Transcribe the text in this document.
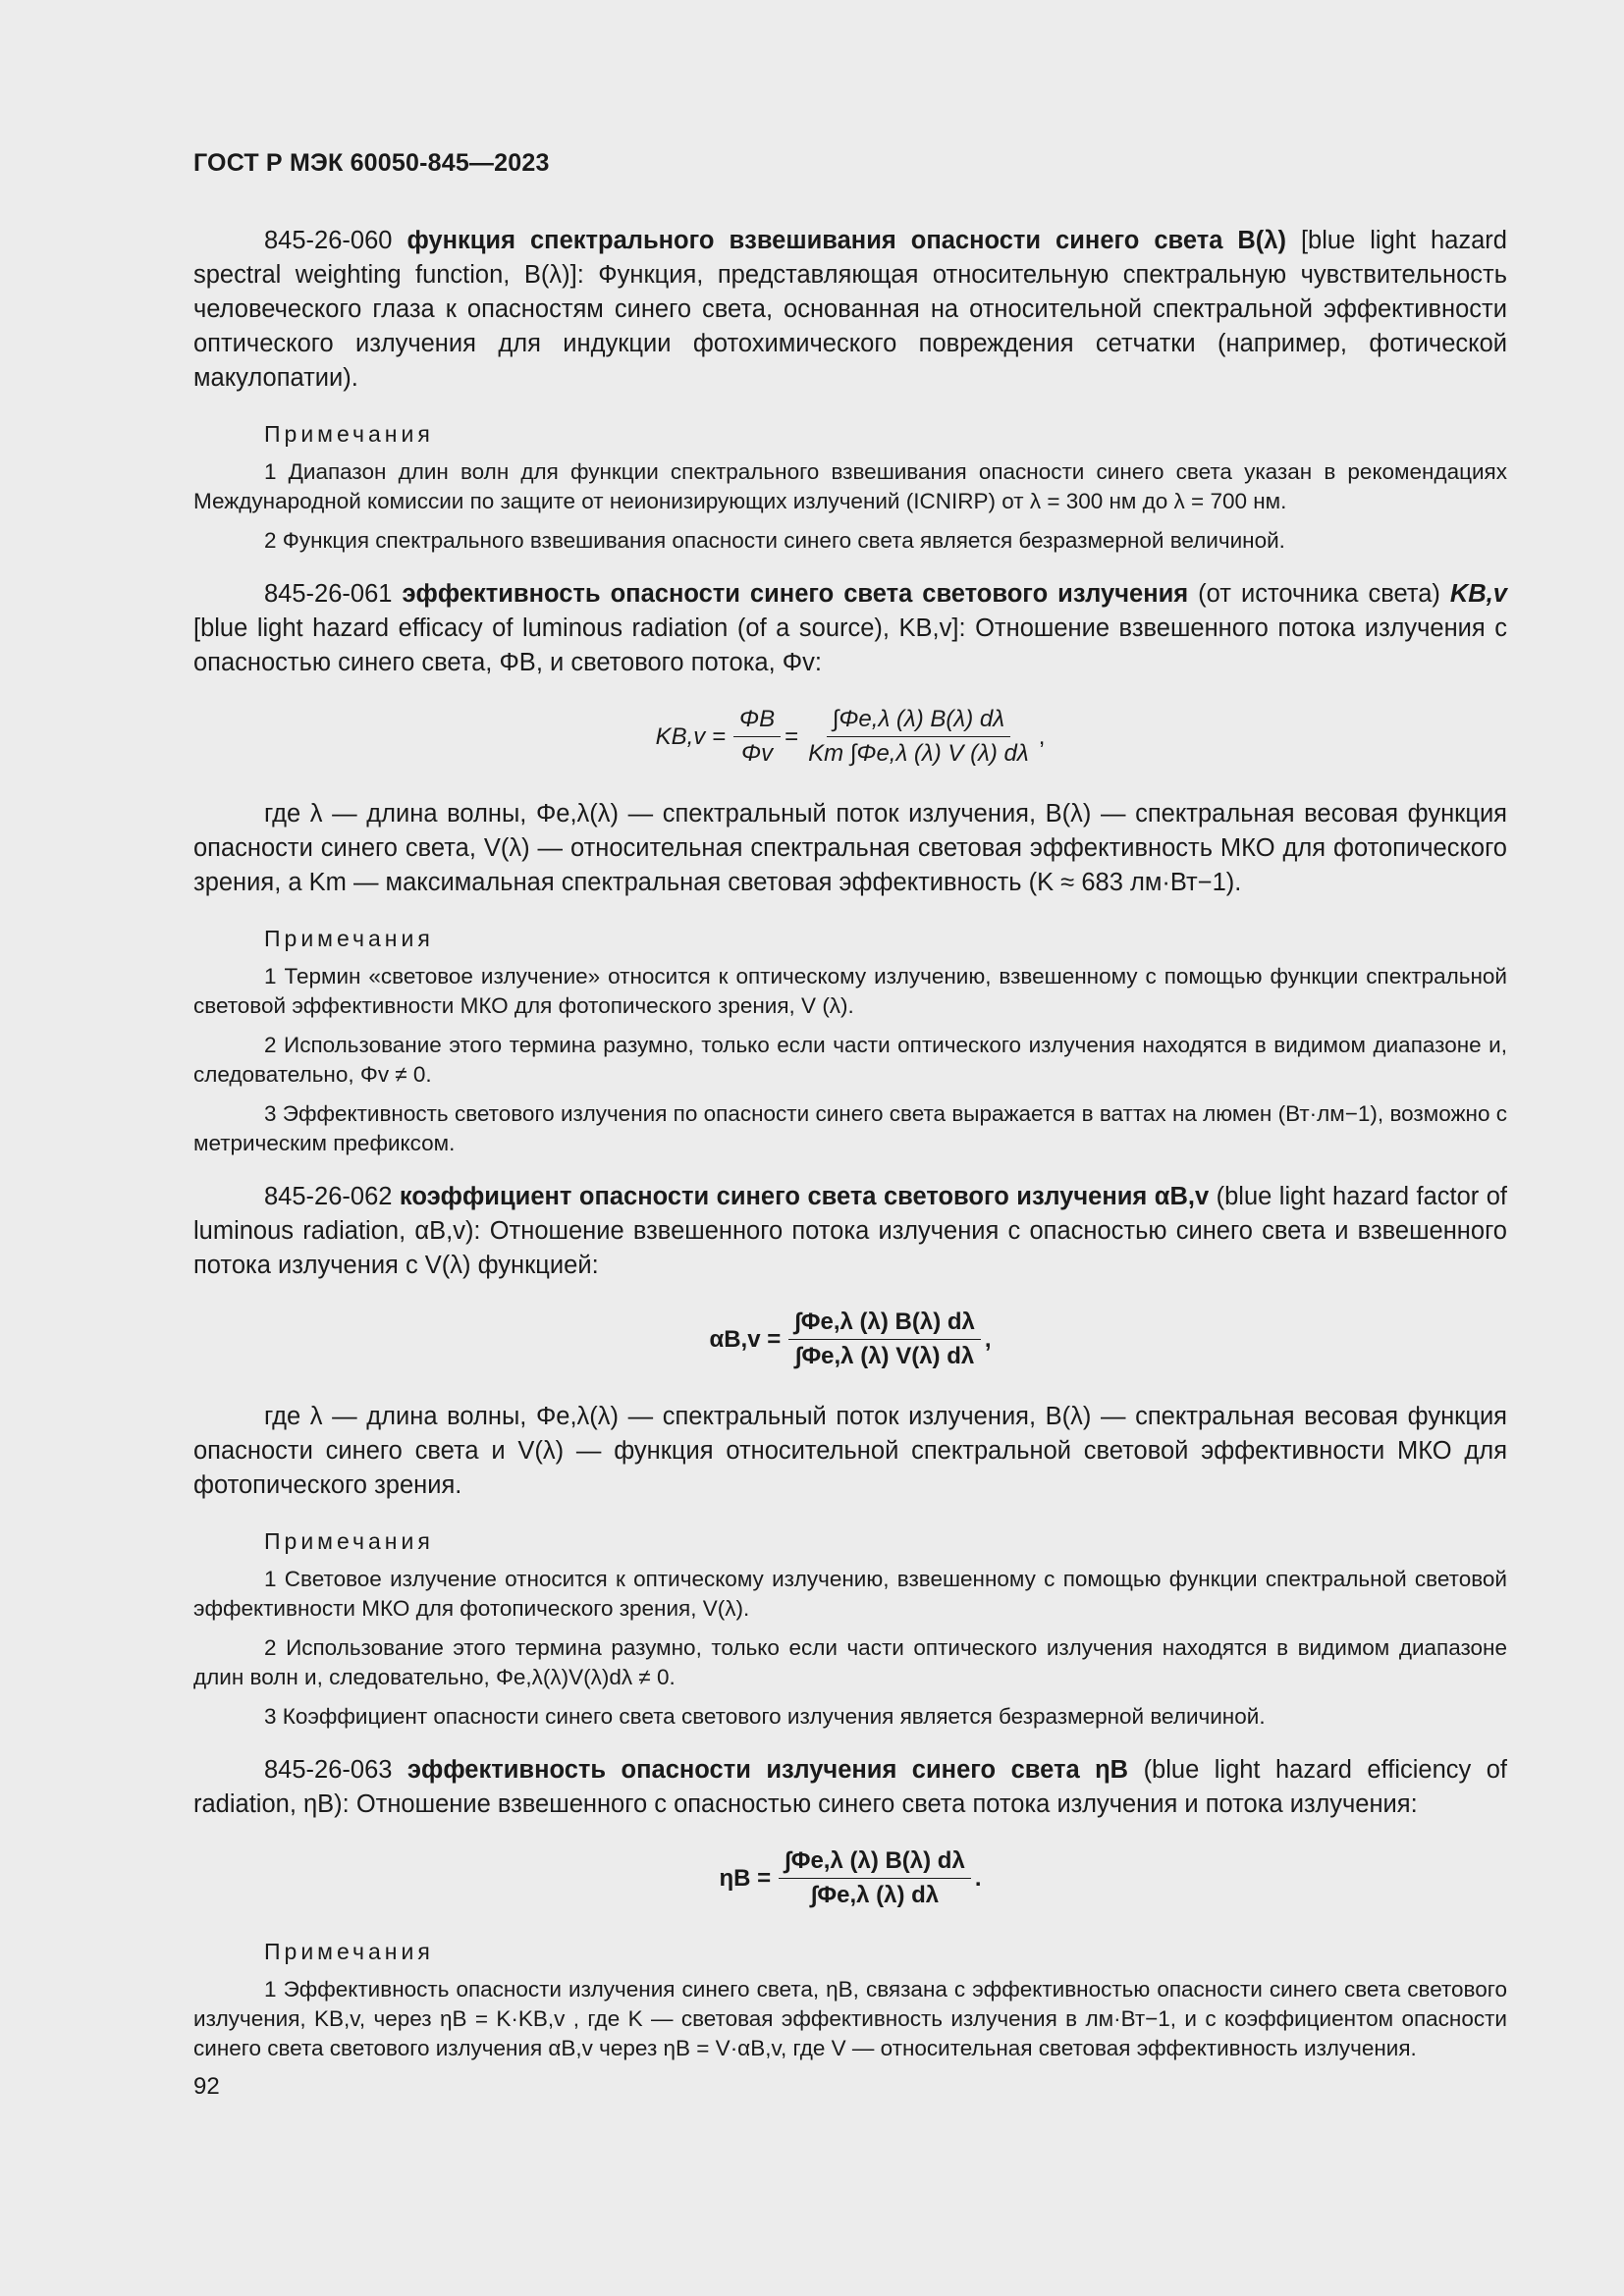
ГОСТ Р МЭК 60050-845—2023

845-26-060 функция спектрального взвешивания опасности синего света B(λ) [blue light hazard spectral weighting function, B(λ)]: Функция, представляющая относительную спектральную чувствительность человеческого глаза к опасностям синего света, основанная на относительной спектральной эффективности оптического излучения для индукции фотохимического повреждения сетчатки (например, фотической макулопатии).

Примечания

1 Диапазон длин волн для функции спектрального взвешивания опасности синего света указан в рекомендациях Международной комиссии по защите от неионизирующих излучений (ICNIRP) от λ = 300 нм до λ = 700 нм.

2 Функция спектрального взвешивания опасности синего света является безразмерной величиной.

845-26-061 эффективность опасности синего света светового излучения (от источника света) KB,v [blue light hazard efficacy of luminous radiation (of a source), KB,v]: Отношение взвешенного потока излучения с опасностью синего света, ΦB, и светового потока, Φv:

$KB,v = \frac{\Phi B}{\Phi v} = \frac{\int\Phi e,\lambda (\lambda) B(\lambda) d\lambda}{Km \int\Phi e,\lambda (\lambda) V (\lambda) d\lambda}$ ,

где λ — длина волны, Φe,λ(λ) — спектральный поток излучения, B(λ) — спектральная весовая функция опасности синего света, V(λ) — относительная спектральная световая эффективность МКО для фотопического зрения, а Km — максимальная спектральная световая эффективность (K ≈ 683 лм·Вт−1).

Примечания

1 Термин «световое излучение» относится к оптическому излучению, взвешенному с помощью функции спектральной световой эффективности МКО для фотопического зрения, V (λ).

2 Использование этого термина разумно, только если части оптического излучения находятся в видимом диапазоне и, следовательно, Φv ≠ 0.

3 Эффективность светового излучения по опасности синего света выражается в ваттах на люмен (Вт·лм−1), возможно с метрическим префиксом.

845-26-062 коэффициент опасности синего света светового излучения αB,v (blue light hazard factor of luminous radiation, αB,v): Отношение взвешенного потока излучения с опасностью синего света и взвешенного потока излучения с V(λ) функцией:

$\alpha B,v = \frac{\int\Phi e,\lambda (\lambda) B(\lambda) d\lambda}{\int\Phi e,\lambda (\lambda) V(\lambda) d\lambda}$ ,

где λ — длина волны, Φe,λ(λ) — спектральный поток излучения, B(λ) — спектральная весовая функция опасности синего света и V(λ) — функция относительной спектральной световой эффективности МКО для фотопического зрения.

Примечания

1 Световое излучение относится к оптическому излучению, взвешенному с помощью функции спектральной световой эффективности МКО для фотопического зрения, V(λ).

2 Использование этого термина разумно, только если части оптического излучения находятся в видимом диапазоне длин волн и, следовательно, Φe,λ(λ)V(λ)dλ ≠ 0.

3 Коэффициент опасности синего света светового излучения является безразмерной величиной.

845-26-063 эффективность опасности излучения синего света ηB (blue light hazard efficiency of radiation, ηB): Отношение взвешенного с опасностью синего света потока излучения и потока излучения:

$\eta B = \frac{\int\Phi e,\lambda (\lambda) B(\lambda) d\lambda}{\int\Phi e,\lambda (\lambda) d\lambda}$ .

Примечания

1 Эффективность опасности излучения синего света, ηB, связана с эффективностью опасности синего света светового излучения, KB,v, через ηB = K·KB,v , где K — световая эффективность излучения в лм·Вт−1, и с коэффициентом опасности синего света светового излучения αB,v через ηB = V·αB,v, где V — относительная световая эффективность излучения.

92
